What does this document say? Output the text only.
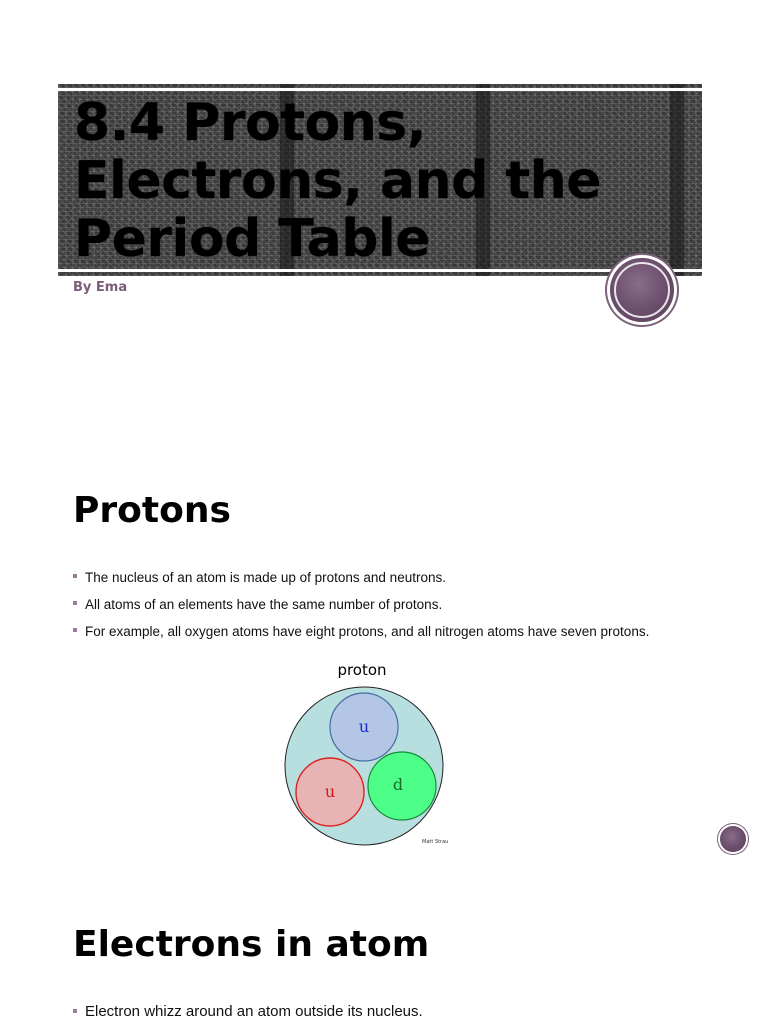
8.4 Protons, Electrons, and the Period Table
By Ema
Protons
The nucleus of an atom is made up of protons and neutrons.
All atoms of an elements have the same number of protons.
For example, all oxygen atoms have eight protons, and all nitrogen atoms have seven protons.
proton
u
u	d
Matt Strau
Electrons in atom
Electron whizz around an atom outside its nucleus.
